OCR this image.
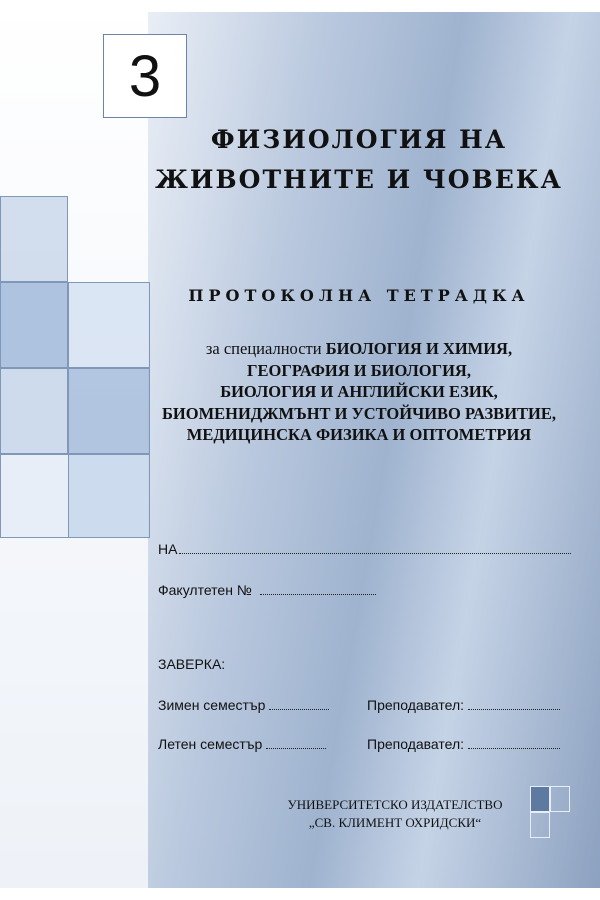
3
ФИЗИОЛОГИЯ НА
ЖИВОТНИТЕ И ЧОВЕКА
ПРОТОКОЛНА ТЕТРАДКА
за специалности БИОЛОГИЯ И ХИМИЯ,
ГЕОГРАФИЯ И БИОЛОГИЯ,
БИОЛОГИЯ И АНГЛИЙСКИ ЕЗИК,
БИОМЕНИДЖМЪНТ И УСТОЙЧИВО РАЗВИТИЕ,
МЕДИЦИНСКА ФИЗИКА И ОПТОМЕТРИЯ
НА
Факултетен №
ЗАВЕРКА:
Зимен семестър	Преподавател:
Летен семестър	Преподавател:
УНИВЕРСИТЕТСКО ИЗДАТЕЛСТВО
„СВ. КЛИМЕНТ ОХРИДСКИ“
